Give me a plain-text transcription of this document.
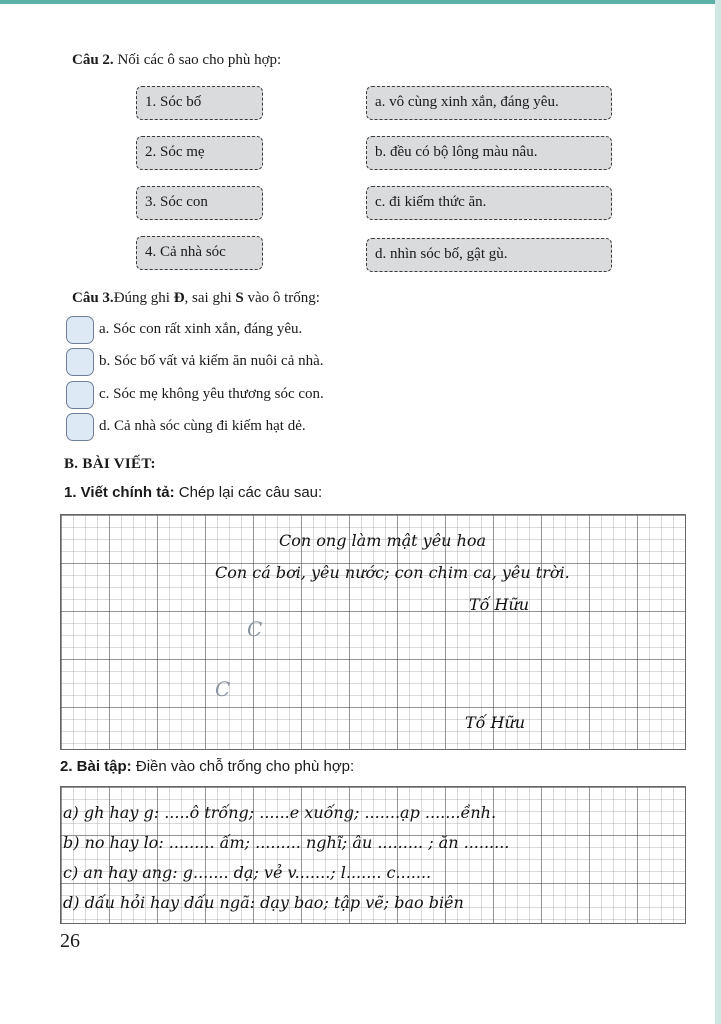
Câu 2. Nối các ô sao cho phù hợp:
1. Sóc bố
2. Sóc mẹ
3. Sóc con
4. Cả nhà sóc
a. vô cùng xinh xắn, đáng yêu.
b. đều có bộ lông màu nâu.
c. đi kiếm thức ăn.
d. nhìn sóc bố, gật gù.
Câu 3.Đúng ghi Đ, sai ghi S vào ô trống:
a. Sóc con rất xinh xắn, đáng yêu.
b. Sóc bố vất vả kiếm ăn nuôi cả nhà.
c. Sóc mẹ không yêu thương sóc con.
d. Cả nhà sóc cùng đi kiếm hạt dẻ.
B. BÀI VIẾT:
1. Viết chính tả: Chép lại các câu sau:
Con ong làm mật yêu hoa
Con cá bơi, yêu nước; con chim ca, yêu trời.
Tố Hữu
C
C
Tố Hữu
2. Bài tập: Điền vào chỗ trống cho phù hợp:
a) gh hay g: .....ô trống; ......e xuống; .......ạp .......ềnh.
b) no hay lo: ......... ấm; ......... nghĩ; âu ......... ; ăn .........
c) an hay ang: g....... dạ; vẻ v.......; l....... c.......
d) dấu hỏi hay dấu ngã: dạy bao; tập vẽ; bao biên
26
